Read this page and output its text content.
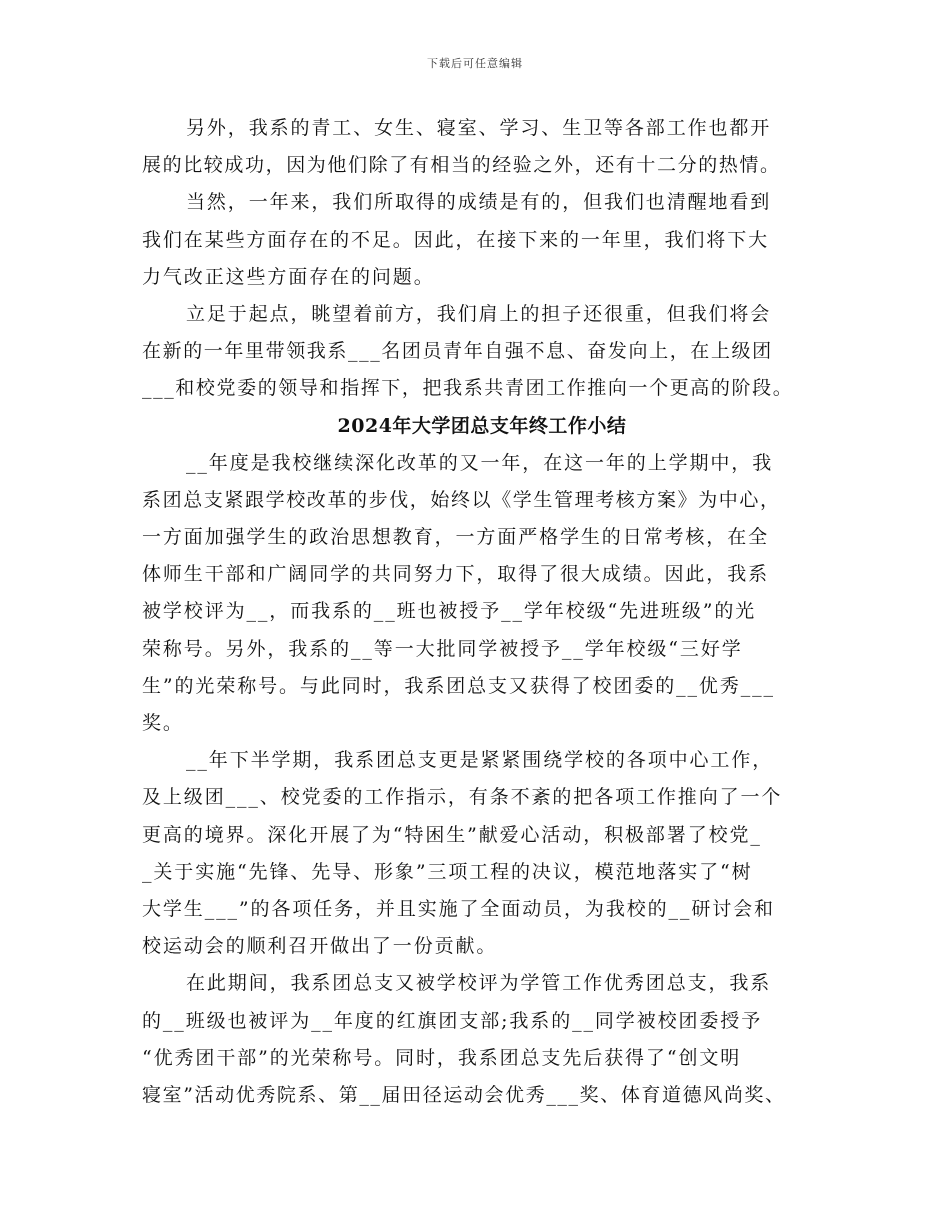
下载后可任意编辑
另外，我系的青工、女生、寝室、学习、生卫等各部工作也都开
展的比较成功，因为他们除了有相当的经验之外，还有十二分的热情。
当然，一年来，我们所取得的成绩是有的，但我们也清醒地看到
我们在某些方面存在的不足。因此，在接下来的一年里，我们将下大
力气改正这些方面存在的问题。
立足于起点，眺望着前方，我们肩上的担子还很重，但我们将会
在新的一年里带领我系___名团员青年自强不息、奋发向上，在上级团
___和校党委的领导和指挥下，把我系共青团工作推向一个更高的阶段。
2024年大学团总支年终工作小结
__年度是我校继续深化改革的又一年，在这一年的上学期中，我
系团总支紧跟学校改革的步伐，始终以《学生管理考核方案》为中心，
一方面加强学生的政治思想教育，一方面严格学生的日常考核，在全
体师生干部和广阔同学的共同努力下，取得了很大成绩。因此，我系
被学校评为__，而我系的__班也被授予__学年校级“先进班级”的光
荣称号。另外，我系的__等一大批同学被授予__学年校级“三好学
生”的光荣称号。与此同时，我系团总支又获得了校团委的__优秀___
奖。
__年下半学期，我系团总支更是紧紧围绕学校的各项中心工作，
及上级团___、校党委的工作指示，有条不紊的把各项工作推向了一个
更高的境界。深化开展了为“特困生”献爱心活动，积极部署了校党_
_关于实施“先锋、先导、形象”三项工程的决议，模范地落实了“树
大学生___”的各项任务，并且实施了全面动员，为我校的__研讨会和
校运动会的顺利召开做出了一份贡献。
在此期间，我系团总支又被学校评为学管工作优秀团总支，我系
的__班级也被评为__年度的红旗团支部;我系的__同学被校团委授予
“优秀团干部”的光荣称号。同时，我系团总支先后获得了“创文明
寝室”活动优秀院系、第__届田径运动会优秀___奖、体育道德风尚奖、
